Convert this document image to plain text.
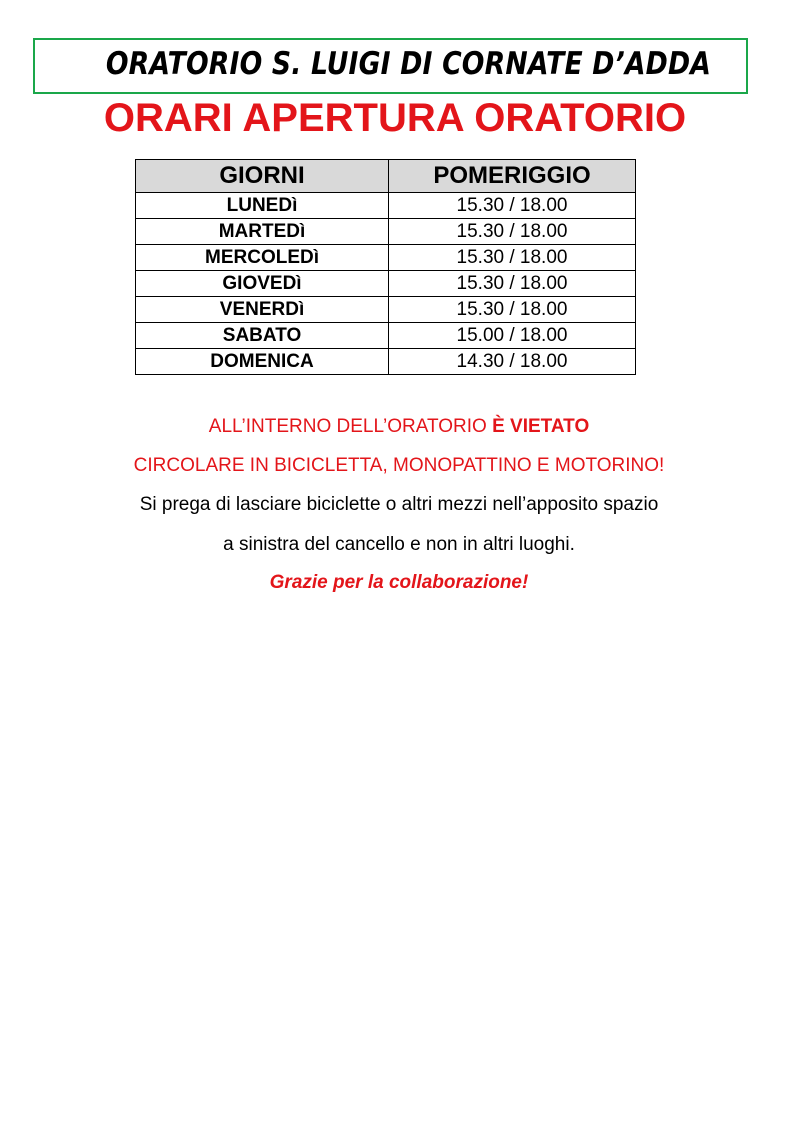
ORATORIO S. LUIGI DI CORNATE D’ADDA
ORARI APERTURA ORATORIO
GIORNI	POMERIGGIO
LUNEDì	15.30 / 18.00
MARTEDì	15.30 / 18.00
MERCOLEDì	15.30 / 18.00
GIOVEDì	15.30 / 18.00
VENERDì	15.30 / 18.00
SABATO	15.00 / 18.00
DOMENICA	14.30 / 18.00
ALL’INTERNO DELL’ORATORIO È VIETATO
CIRCOLARE IN BICICLETTA, MONOPATTINO E MOTORINO!
Si prega di lasciare biciclette o altri mezzi nell’apposito spazio
a sinistra del cancello e non in altri luoghi.
Grazie per la collaborazione!
